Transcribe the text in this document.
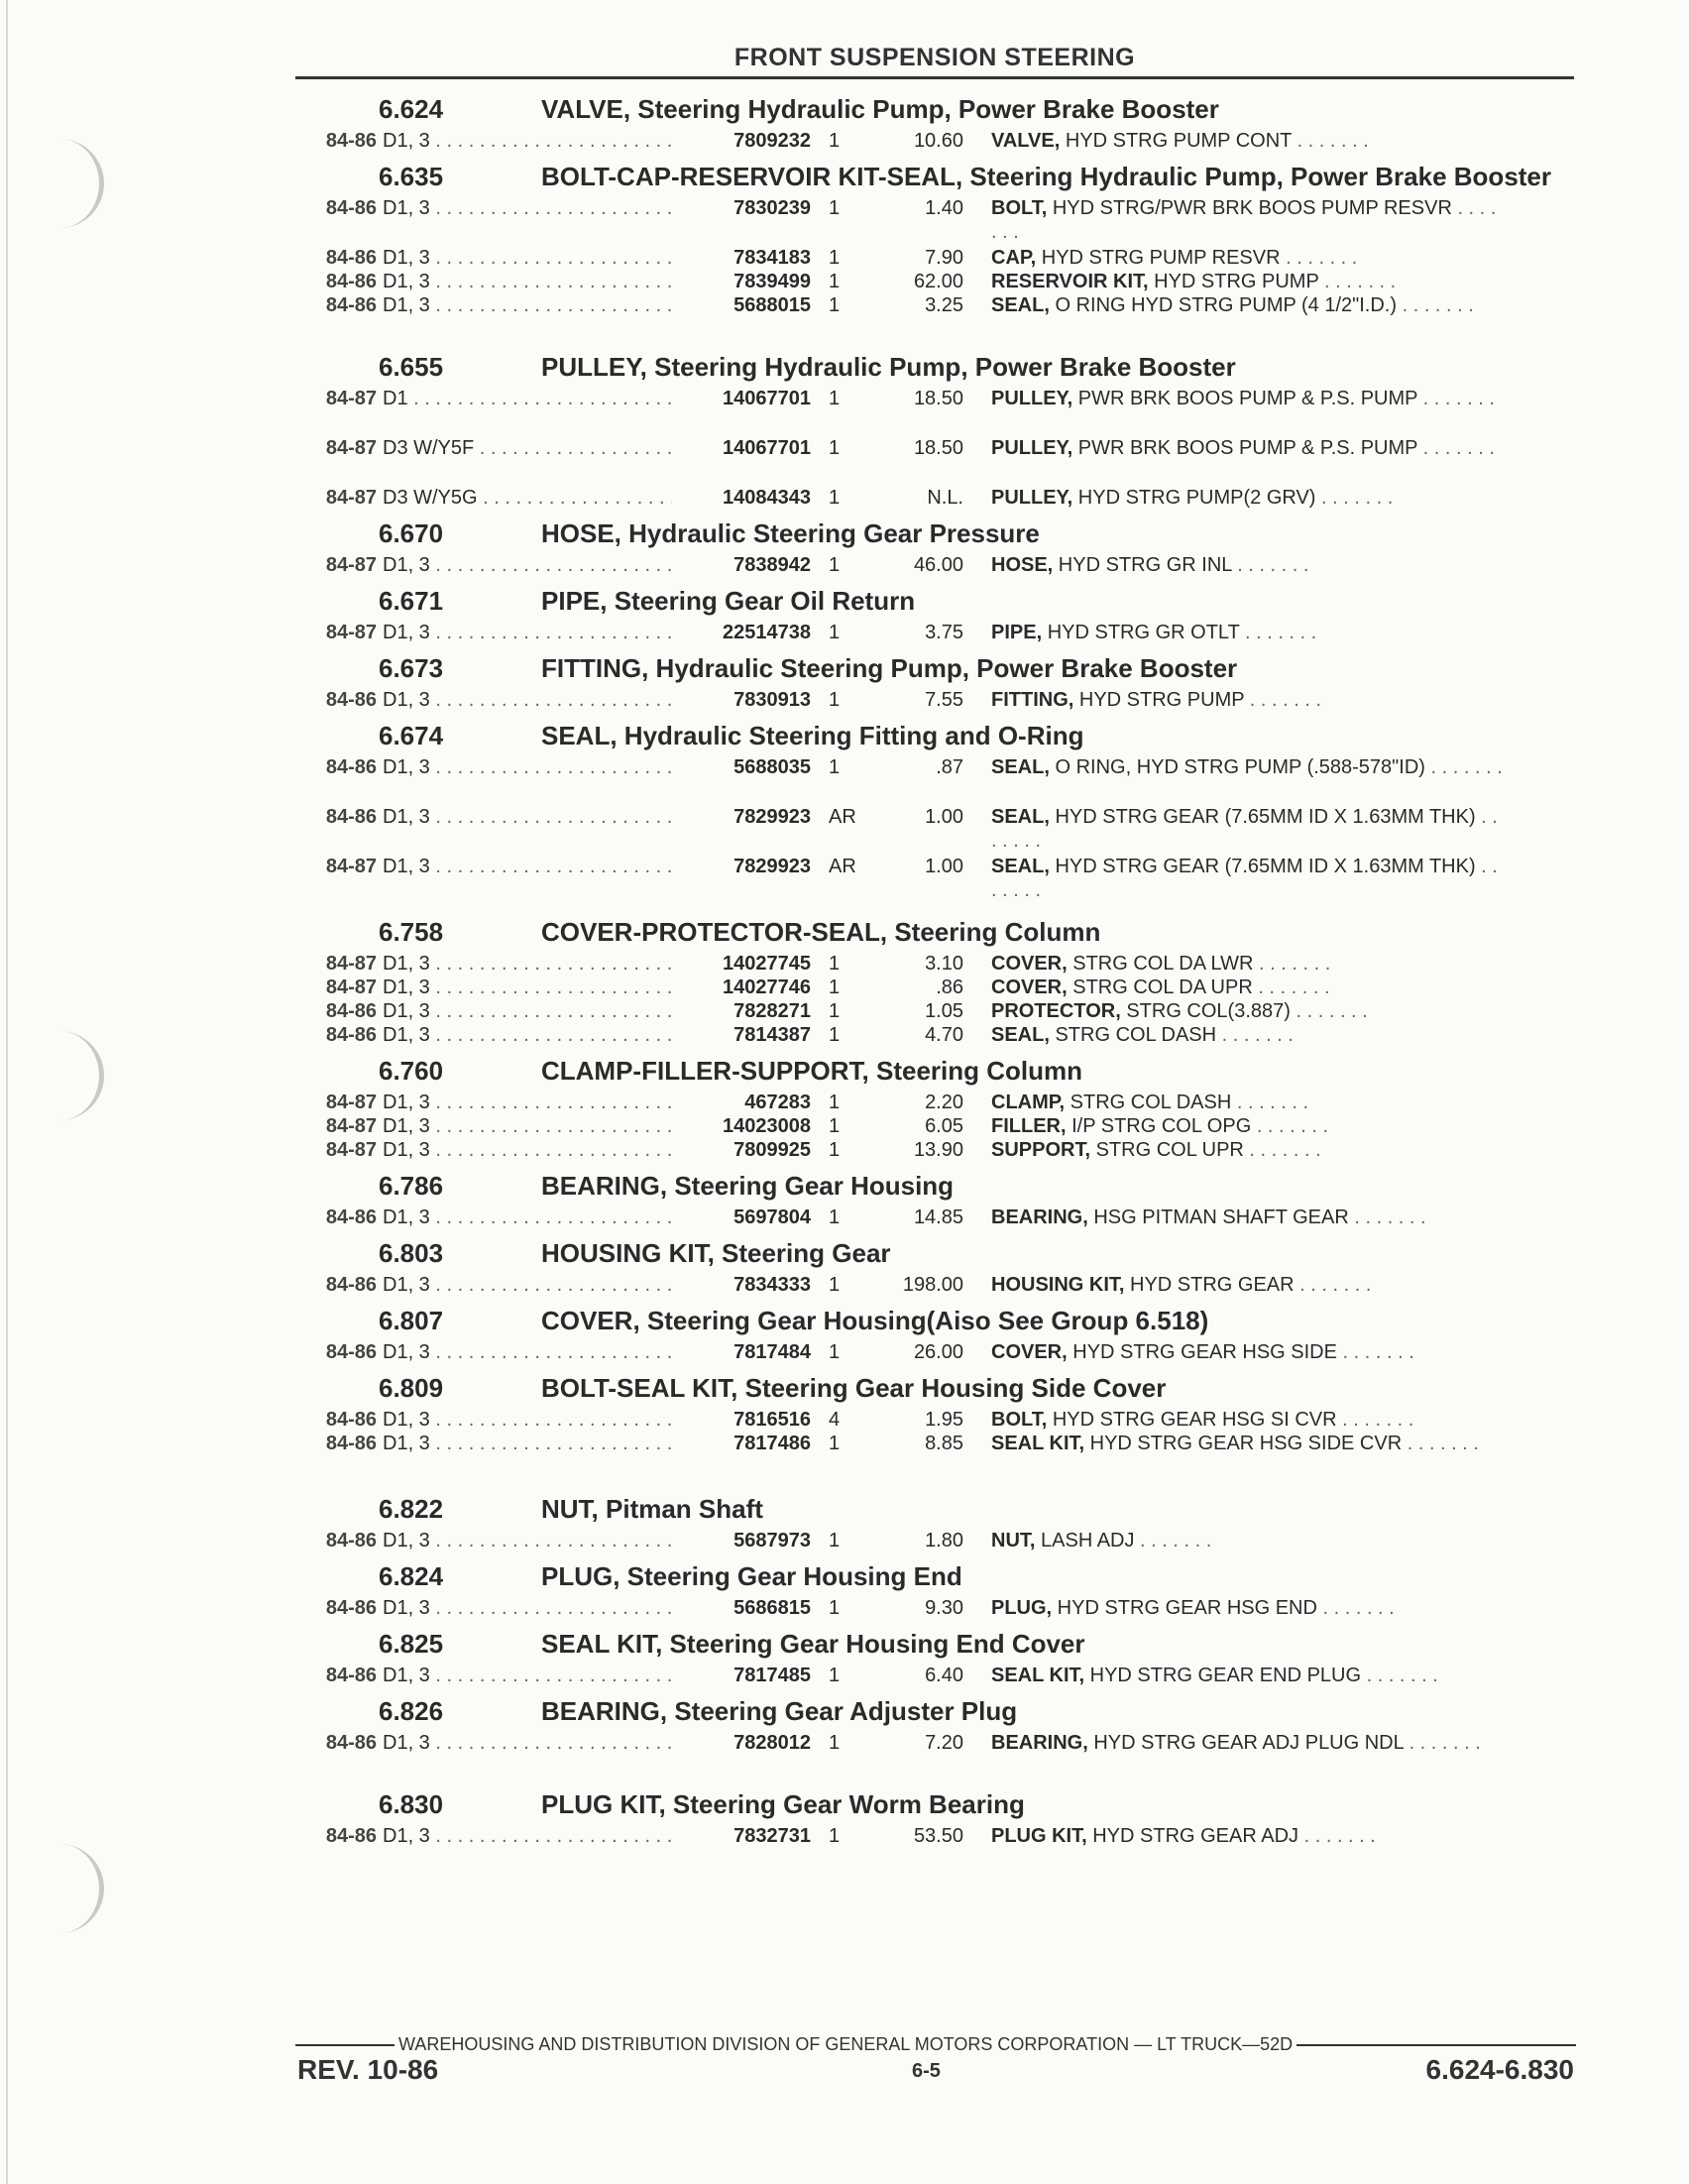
FRONT SUSPENSION STEERING
6.624	VALVE, Steering Hydraulic Pump, Power Brake Booster
84-86 D1, 3 . . .	7809232 1	10.60	VALVE, HYD STRG PUMP CONT . . . . . . .
6.635	BOLT-CAP-RESERVOIR KIT-SEAL, Steering Hydraulic Pump, Power Brake Booster
84-86 D1, 3 . . .	7830239 1	1.40	BOLT, HYD STRG/PWR BRK BOOS PUMP RESVR . . . . . . .
84-86 D1, 3 . . .	7834183 1	7.90	CAP, HYD STRG PUMP RESVR . . . . . . .
84-86 D1, 3 . . .	7839499 1	62.00	RESERVOIR KIT, HYD STRG PUMP . . . . . . .
84-86 D1, 3 . . .	5688015 1	3.25	SEAL, O RING HYD STRG PUMP (4 1/2"I.D.) . . . . . . .
6.655	PULLEY, Steering Hydraulic Pump, Power Brake Booster
84-87 D1 . . .	14067701 1	18.50	PULLEY, PWR BRK BOOS PUMP & P.S. PUMP . . . . . . .
84-87 D3 W/Y5F . . .	14067701 1	18.50	PULLEY, PWR BRK BOOS PUMP & P.S. PUMP . . . . . . .
84-87 D3 W/Y5G . . .	14084343 1	N.L.	PULLEY, HYD STRG PUMP(2 GRV) . . . . . . .
6.670	HOSE, Hydraulic Steering Gear Pressure
84-87 D1, 3 . . .	7838942 1	46.00	HOSE, HYD STRG GR INL . . . . . . .
6.671	PIPE, Steering Gear Oil Return
84-87 D1, 3 . . .	22514738 1	3.75	PIPE, HYD STRG GR OTLT . . . . . . .
6.673	FITTING, Hydraulic Steering Pump, Power Brake Booster
84-86 D1, 3 . . .	7830913 1	7.55	FITTING, HYD STRG PUMP . . . . . . .
6.674	SEAL, Hydraulic Steering Fitting and O-Ring
84-86 D1, 3 . . .	5688035 1	.87	SEAL, O RING, HYD STRG PUMP (.588-578"ID) . . . . . . .
84-86 D1, 3 . . .	7829923 AR	1.00	SEAL, HYD STRG GEAR (7.65MM ID X 1.63MM THK) . . . . . . .
84-87 D1, 3 . . .	7829923 AR	1.00	SEAL, HYD STRG GEAR (7.65MM ID X 1.63MM THK) . . . . . . .
6.758	COVER-PROTECTOR-SEAL, Steering Column
84-87 D1, 3 . . .	14027745 1	3.10	COVER, STRG COL DA LWR . . . . . . .
84-87 D1, 3 . . .	14027746 1	.86	COVER, STRG COL DA UPR . . . . . . .
84-86 D1, 3 . . .	7828271 1	1.05	PROTECTOR, STRG COL(3.887) . . . . . . .
84-86 D1, 3 . . .	7814387 1	4.70	SEAL, STRG COL DASH . . . . . . .
6.760	CLAMP-FILLER-SUPPORT, Steering Column
84-87 D1, 3 . . .	467283 1	2.20	CLAMP, STRG COL DASH . . . . . . .
84-87 D1, 3 . . .	14023008 1	6.05	FILLER, I/P STRG COL OPG . . . . . . .
84-87 D1, 3 . . .	7809925 1	13.90	SUPPORT, STRG COL UPR . . . . . . .
6.786	BEARING, Steering Gear Housing
84-86 D1, 3 . . .	5697804 1	14.85	BEARING, HSG PITMAN SHAFT GEAR . . . . . . .
6.803	HOUSING KIT, Steering Gear
84-86 D1, 3 . . .	7834333 1	198.00	HOUSING KIT, HYD STRG GEAR . . . . . . .
6.807	COVER, Steering Gear Housing(Aiso See Group 6.518)
84-86 D1, 3 . . .	7817484 1	26.00	COVER, HYD STRG GEAR HSG SIDE . . . . . . .
6.809	BOLT-SEAL KIT, Steering Gear Housing Side Cover
84-86 D1, 3 . . .	7816516 4	1.95	BOLT, HYD STRG GEAR HSG SI CVR . . . . . . .
84-86 D1, 3 . . .	7817486 1	8.85	SEAL KIT, HYD STRG GEAR HSG SIDE CVR . . . . . . .
6.822	NUT, Pitman Shaft
84-86 D1, 3 . . .	5687973 1	1.80	NUT, LASH ADJ . . . . . . .
6.824	PLUG, Steering Gear Housing End
84-86 D1, 3 . . .	5686815 1	9.30	PLUG, HYD STRG GEAR HSG END . . . . . . .
6.825	SEAL KIT, Steering Gear Housing End Cover
84-86 D1, 3 . . .	7817485 1	6.40	SEAL KIT, HYD STRG GEAR END PLUG . . . . . . .
6.826	BEARING, Steering Gear Adjuster Plug
84-86 D1, 3 . . .	7828012 1	7.20	BEARING, HYD STRG GEAR ADJ PLUG NDL . . . . . . .
6.830	PLUG KIT, Steering Gear Worm Bearing
84-86 D1, 3 . . .	7832731 1	53.50	PLUG KIT, HYD STRG GEAR ADJ . . . . . . .
WAREHOUSING AND DISTRIBUTION DIVISION OF GENERAL MOTORS CORPORATION — LT TRUCK—52D
REV. 10-86	6-5	6.624-6.830
